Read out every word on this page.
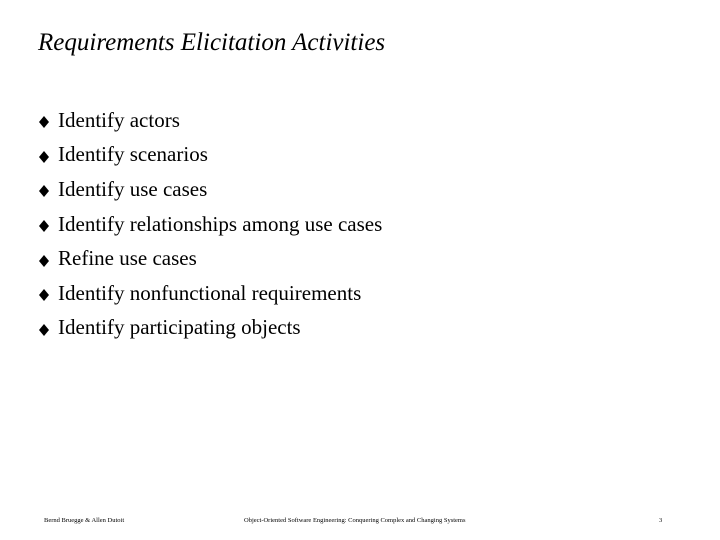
Requirements Elicitation Activities
Identify actors
Identify scenarios
Identify use cases
Identify relationships among use cases
Refine use cases
Identify nonfunctional requirements
Identify participating objects
Bernd Bruegge & Allen Dutoit	Object-Oriented Software Engineering: Conquering Complex and Changing Systems	3
